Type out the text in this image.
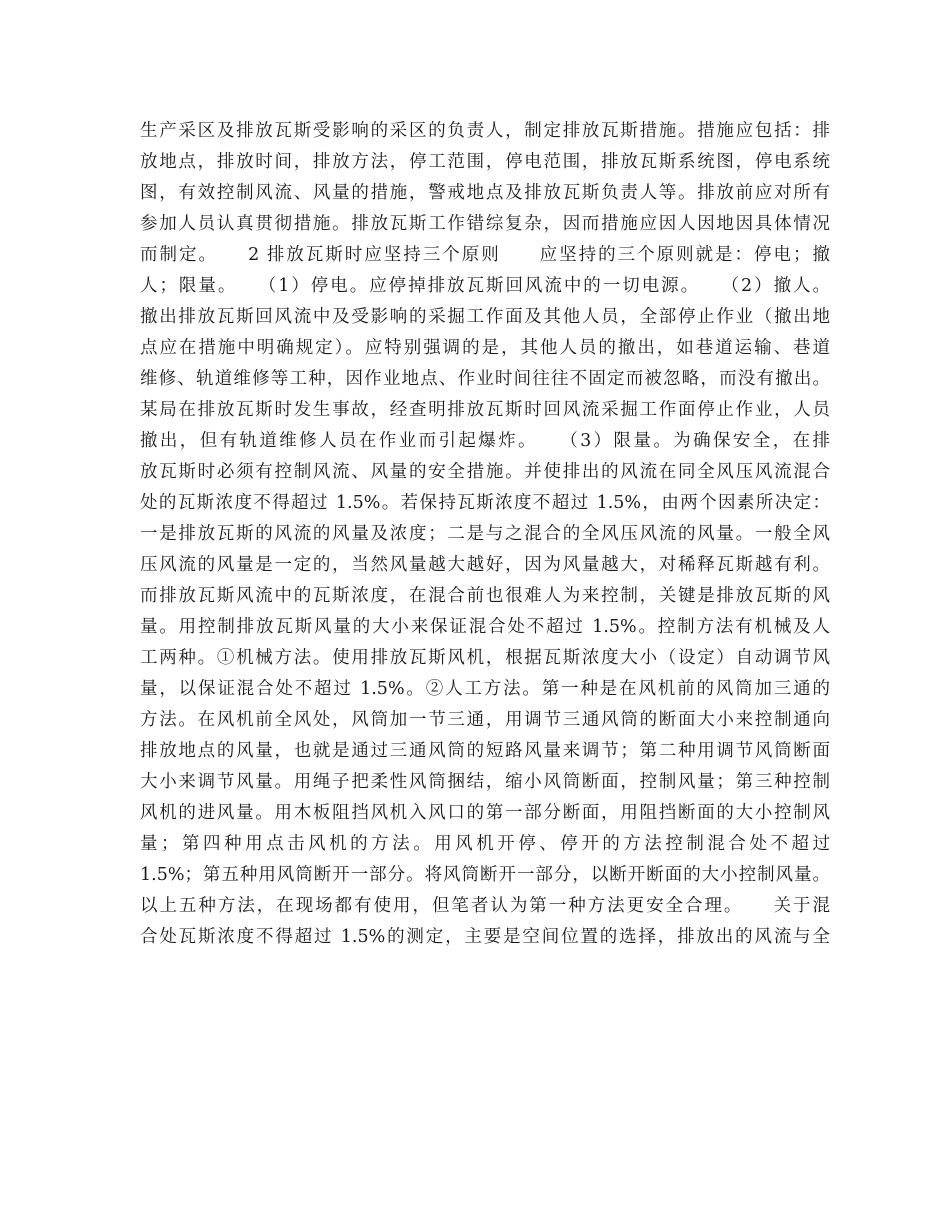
生产采区及排放瓦斯受影响的采区的负责人，制定排放瓦斯措施。措施应包括：排
放地点，排放时间，排放方法，停工范围，停电范围，排放瓦斯系统图，停电系统
图，有效控制风流、风量的措施，警戒地点及排放瓦斯负责人等。排放前应对所有
参加人员认真贯彻措施。排放瓦斯工作错综复杂，因而措施应因人因地因具体情况
而制定。　　2 排放瓦斯时应坚持三个原则　　应坚持的三个原则就是：停电；撤
人；限量。　　（1）停电。应停掉排放瓦斯回风流中的一切电源。　　（2）撤人。
撤出排放瓦斯回风流中及受影响的采掘工作面及其他人员，全部停止作业（撤出地
点应在措施中明确规定）。应特别强调的是，其他人员的撤出，如巷道运输、巷道
维修、轨道维修等工种，因作业地点、作业时间往往不固定而被忽略，而没有撤出。
某局在排放瓦斯时发生事故，经查明排放瓦斯时回风流采掘工作面停止作业，人员
撤出，但有轨道维修人员在作业而引起爆炸。　　（3）限量。为确保安全，在排
放瓦斯时必须有控制风流、风量的安全措施。并使排出的风流在同全风压风流混合
处的瓦斯浓度不得超过 1.5%。若保持瓦斯浓度不超过 1.5%，由两个因素所决定：
一是排放瓦斯的风流的风量及浓度；二是与之混合的全风压风流的风量。一般全风
压风流的风量是一定的，当然风量越大越好，因为风量越大，对稀释瓦斯越有利。
而排放瓦斯风流中的瓦斯浓度，在混合前也很难人为来控制，关键是排放瓦斯的风
量。用控制排放瓦斯风量的大小来保证混合处不超过 1.5%。控制方法有机械及人
工两种。①机械方法。使用排放瓦斯风机，根据瓦斯浓度大小（设定）自动调节风
量，以保证混合处不超过 1.5%。②人工方法。第一种是在风机前的风筒加三通的
方法。在风机前全风处，风筒加一节三通，用调节三通风筒的断面大小来控制通向
排放地点的风量，也就是通过三通风筒的短路风量来调节；第二种用调节风筒断面
大小来调节风量。用绳子把柔性风筒捆结，缩小风筒断面，控制风量；第三种控制
风机的进风量。用木板阻挡风机入风口的第一部分断面，用阻挡断面的大小控制风
量；第四种用点击风机的方法。用风机开停、停开的方法控制混合处不超过
1.5%；第五种用风筒断开一部分。将风筒断开一部分，以断开断面的大小控制风量。
以上五种方法，在现场都有使用，但笔者认为第一种方法更安全合理。　　关于混
合处瓦斯浓度不得超过 1.5%的测定，主要是空间位置的选择，排放出的风流与全
